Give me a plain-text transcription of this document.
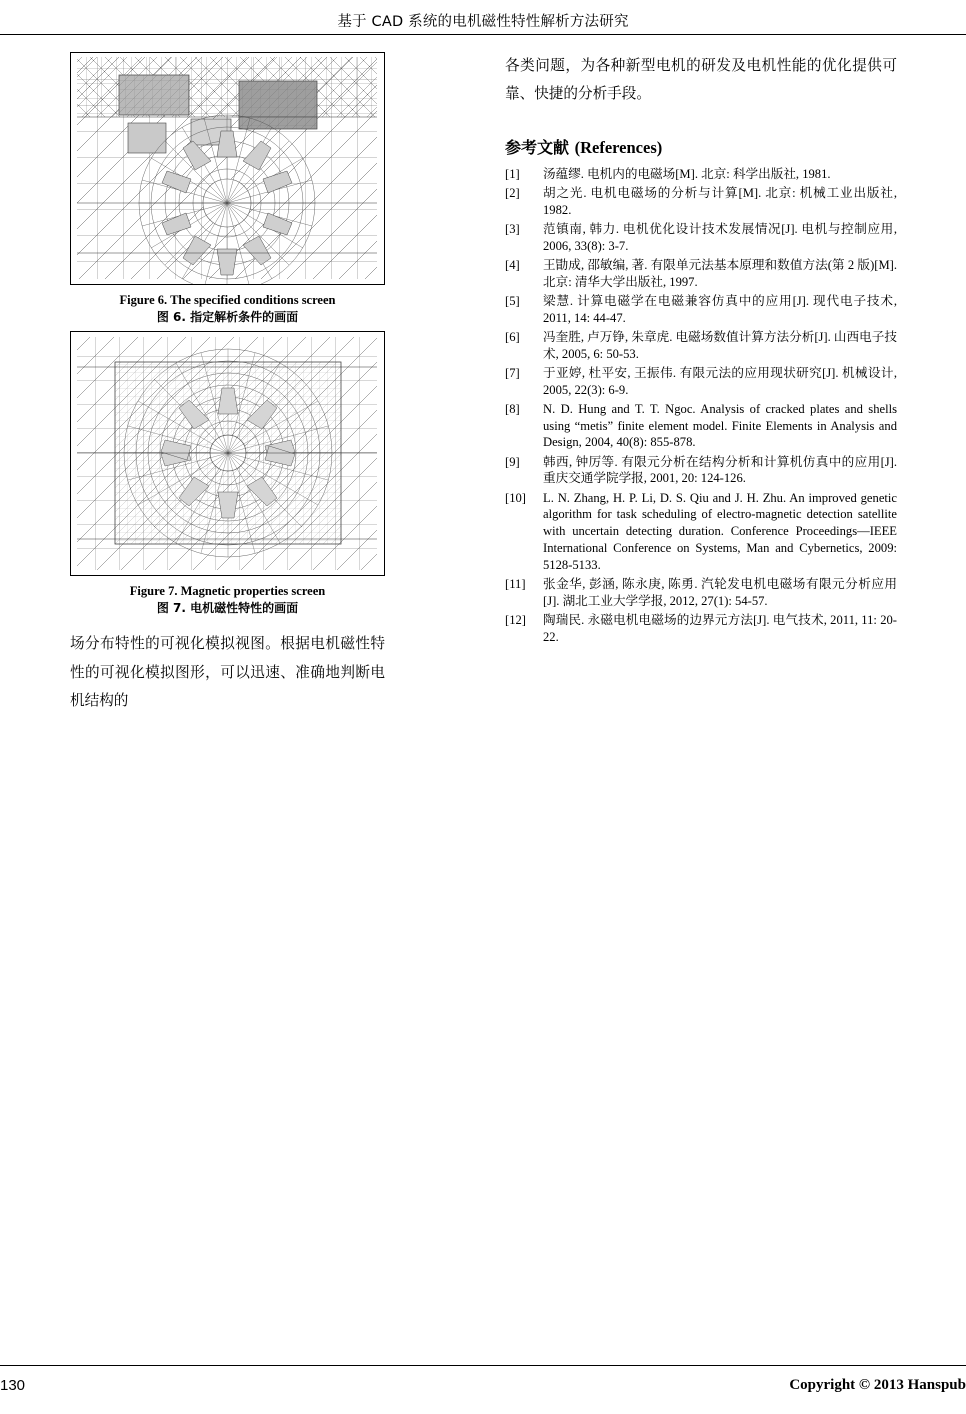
基于 CAD 系统的电机磁性特性解析方法研究
Figure 6. The specified conditions screen
图 6. 指定解析条件的画面
Figure 7. Magnetic properties screen
图 7. 电机磁性特性的画面
场分布特性的可视化模拟视图。根据电机磁性特性的可视化模拟图形，可以迅速、准确地判断电机结构的
各类问题，为各种新型电机的研发及电机性能的优化提供可靠、快捷的分析手段。
参考文献 (References)
[1]	汤蕴缪. 电机内的电磁场[M]. 北京: 科学出版社, 1981.
[2]	胡之光. 电机电磁场的分析与计算[M]. 北京: 机械工业出版社, 1982.
[3]	范镇南, 韩力. 电机优化设计技术发展情况[J]. 电机与控制应用, 2006, 33(8): 3-7.
[4]	王勖成, 邵敏编, 著. 有限单元法基本原理和数值方法(第 2 版)[M]. 北京: 清华大学出版社, 1997.
[5]	梁慧. 计算电磁学在电磁兼容仿真中的应用[J]. 现代电子技术, 2011, 14: 44-47.
[6]	冯奎胜, 卢万铮, 朱章虎. 电磁场数值计算方法分析[J]. 山西电子技术, 2005, 6: 50-53.
[7]	于亚婷, 杜平安, 王振伟. 有限元法的应用现状研究[J]. 机械设计, 2005, 22(3): 6-9.
[8]	N. D. Hung and T. T. Ngoc. Analysis of cracked plates and shells using “metis” finite element model. Finite Elements in Analysis and Design, 2004, 40(8): 855-878.
[9]	韩西, 钟厉等. 有限元分析在结构分析和计算机仿真中的应用[J]. 重庆交通学院学报, 2001, 20: 124-126.
[10]	L. N. Zhang, H. P. Li, D. S. Qiu and J. H. Zhu. An improved genetic algorithm for task scheduling of electro-magnetic detection satellite with uncertain detecting duration. Conference Proceedings—IEEE International Conference on Systems, Man and Cybernetics, 2009: 5128-5133.
[11]	张金华, 彭涵, 陈永庚, 陈勇. 汽轮发电机电磁场有限元分析应用[J]. 湖北工业大学学报, 2012, 27(1): 54-57.
[12]	陶瑞民. 永磁电机电磁场的边界元方法[J]. 电气技术, 2011, 11: 20-22.
130	Copyright © 2013 Hanspub
